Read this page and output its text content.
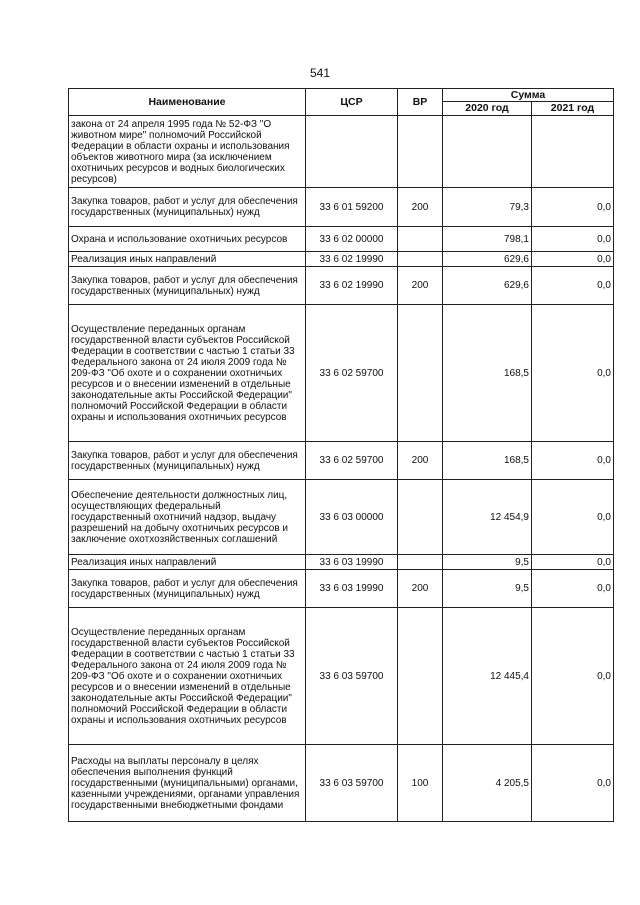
541
Наименование	ЦСР	ВР	Сумма	
			2020 год	2021 год
закона от 24 апреля 1995 года № 52-ФЗ "О животном мире" полномочий Российской Федерации в области охраны и использования объектов животного мира (за исключением охотничьих ресурсов и водных биологических ресурсов)				
Закупка товаров, работ и услуг для обеспечения государственных (муниципальных) нужд	33 6 01 59200	200	79,3	0,0
Охрана и использование охотничьих ресурсов	33 6 02 00000		798,1	0,0
Реализация иных направлений	33 6 02 19990		629,6	0,0
Закупка товаров, работ и услуг для обеспечения государственных (муниципальных) нужд	33 6 02 19990	200	629,6	0,0
Осуществление переданных органам государственной власти субъектов Российской Федерации в соответствии с частью 1 статьи 33 Федерального закона от 24 июля 2009 года № 209-ФЗ "Об охоте и о сохранении охотничьих ресурсов и о внесении изменений в отдельные законодательные акты Российской Федерации" полномочий Российской Федерации в области охраны и использования охотничьих ресурсов	33 6 02 59700		168,5	0,0
Закупка товаров, работ и услуг для обеспечения государственных (муниципальных) нужд	33 6 02 59700	200	168,5	0,0
Обеспечение деятельности должностных лиц, осуществляющих федеральный государственный охотничий надзор, выдачу разрешений на добычу охотничьих ресурсов и заключение охотхозяйственных соглашений	33 6 03 00000		12 454,9	0,0
Реализация иных направлений	33 6 03 19990		9,5	0,0
Закупка товаров, работ и услуг для обеспечения государственных (муниципальных) нужд	33 6 03 19990	200	9,5	0,0
Осуществление переданных органам государственной власти субъектов Российской Федерации в соответствии с частью 1 статьи 33 Федерального закона от 24 июля 2009 года № 209-ФЗ "Об охоте и о сохранении охотничьих ресурсов и о внесении изменений в отдельные законодательные акты Российской Федерации" полномочий Российской Федерации в области охраны и использования охотничьих ресурсов	33 6 03 59700		12 445,4	0,0
Расходы на выплаты персоналу в целях обеспечения выполнения функций государственными (муниципальными) органами, казенными учреждениями, органами управления государственными внебюджетными фондами	33 6 03 59700	100	4 205,5	0,0
